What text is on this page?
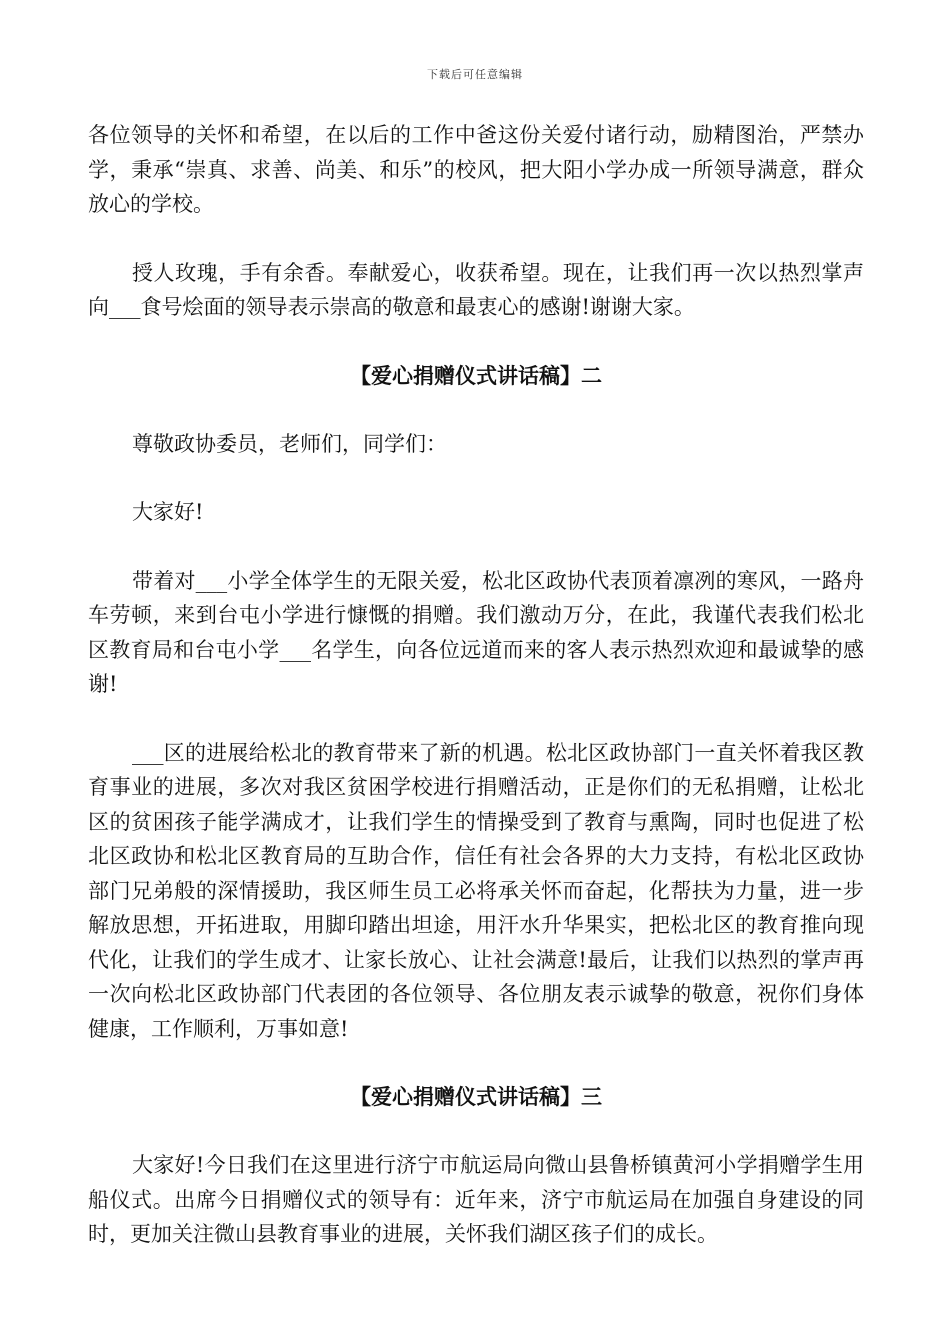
下载后可任意编辑

各位领导的关怀和希望，在以后的工作中爸这份关爱付诸行动，励精图治，严禁办学，秉承“崇真、求善、尚美、和乐”的校风，把大阳小学办成一所领导满意，群众放心的学校。

授人玫瑰，手有余香。奉献爱心，收获希望。现在，让我们再一次以热烈掌声向___食号烩面的领导表示崇高的敬意和最衷心的感谢!谢谢大家。

【爱心捐赠仪式讲话稿】二

尊敬政协委员，老师们，同学们：

大家好!

带着对___小学全体学生的无限关爱，松北区政协代表顶着凛冽的寒风，一路舟车劳顿，来到台屯小学进行慷慨的捐赠。我们激动万分，在此，我谨代表我们松北区教育局和台屯小学___名学生，向各位远道而来的客人表示热烈欢迎和最诚挚的感谢!

___区的进展给松北的教育带来了新的机遇。松北区政协部门一直关怀着我区教育事业的进展，多次对我区贫困学校进行捐赠活动，正是你们的无私捐赠，让松北区的贫困孩子能学满成才，让我们学生的情操受到了教育与熏陶，同时也促进了松北区政协和松北区教育局的互助合作，信任有社会各界的大力支持，有松北区政协部门兄弟般的深情援助，我区师生员工必将承关怀而奋起，化帮扶为力量，进一步解放思想，开拓进取，用脚印踏出坦途，用汗水升华果实，把松北区的教育推向现代化，让我们的学生成才、让家长放心、让社会满意!最后，让我们以热烈的掌声再一次向松北区政协部门代表团的各位领导、各位朋友表示诚挚的敬意，祝你们身体健康，工作顺利，万事如意!

【爱心捐赠仪式讲话稿】三

大家好!今日我们在这里进行济宁市航运局向微山县鲁桥镇黄河小学捐赠学生用船仪式。出席今日捐赠仪式的领导有：近年来，济宁市航运局在加强自身建设的同时，更加关注微山县教育事业的进展，关怀我们湖区孩子们的成长。
